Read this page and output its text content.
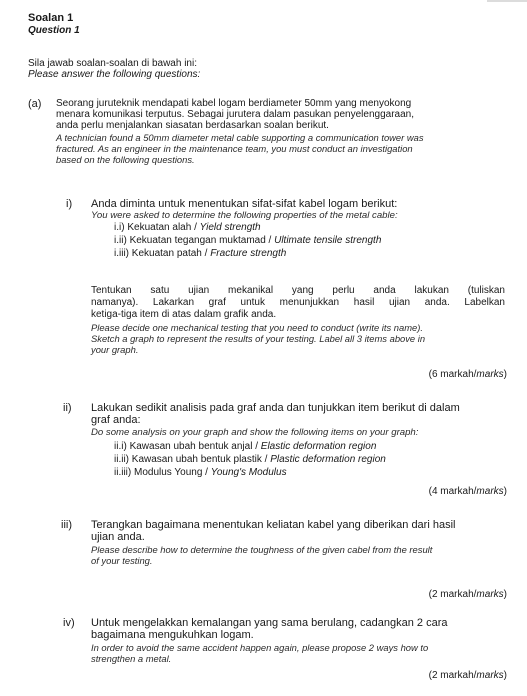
Soalan 1
Question 1
Sila jawab soalan-soalan di bawah ini:
Please answer the following questions:
(a) Seorang juruteknik mendapati kabel logam berdiameter 50mm yang menyokong
menara komunikasi terputus. Sebagai jurutera dalam pasukan penyelenggaraan,
anda perlu menjalankan siasatan berdasarkan soalan berikut.
A technician found a 50mm diameter metal cable supporting a communication tower was
fractured. As an engineer in the maintenance team, you must conduct an investigation
based on the following questions.
i) Anda diminta untuk menentukan sifat-sifat kabel logam berikut:
You were asked to determine the following properties of the metal cable:
i.i) Kekuatan alah / Yield strength
i.ii) Kekuatan tegangan muktamad / Ultimate tensile strength
i.iii) Kekuatan patah / Fracture strength
Tentukan satu ujian mekanikal yang perlu anda lakukan (tuliskan
namanya). Lakarkan graf untuk menunjukkan hasil ujian anda. Labelkan
ketiga-tiga item di atas dalam grafik anda.
Please decide one mechanical testing that you need to conduct (write its name).
Sketch a graph to represent the results of your testing. Label all 3 items above in
your graph.
(6 markah/marks)
ii) Lakukan sedikit analisis pada graf anda dan tunjukkan item berikut di dalam
graf anda:
Do some analysis on your graph and show the following items on your graph:
ii.i) Kawasan ubah bentuk anjal / Elastic deformation region
ii.ii) Kawasan ubah bentuk plastik / Plastic deformation region
ii.iii) Modulus Young / Young's Modulus
(4 markah/marks)
iii) Terangkan bagaimana menentukan keliatan kabel yang diberikan dari hasil
ujian anda.
Please describe how to determine the toughness of the given cabel from the result
of your testing.
(2 markah/marks)
iv) Untuk mengelakkan kemalangan yang sama berulang, cadangkan 2 cara
bagaimana mengukuhkan logam.
In order to avoid the same accident happen again, please propose 2 ways how to
strengthen a metal.
(2 markah/marks)
